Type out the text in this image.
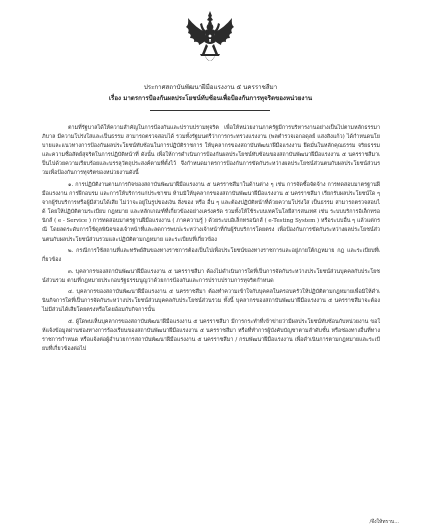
ประกาศสถาบันพัฒนาฝีมือแรงงาน ๕ นครราชสีมา
เรื่อง มาตรการป้องกันผลประโยชน์ทับซ้อนเพื่อป้องกันการทุจริตของหน่วยงาน

ตามที่รัฐบาลได้ให้ความสำคัญในการป้องกันและปราบปรามทุจริต เพื่อให้หน่วยงานภาครัฐมีการบริหารงานอย่างเป็นไปตามหลักธรรมาภิบาล มีความโปร่งใสและเป็นธรรม สามารถตรวจสอบได้ รวมทั้งรัฐมนตรีว่าการกระทรวงแรงงาน (พลตำรวจเอกอดุลย์ แสงสิงแก้ว) ได้กำหนดนโยบายและแนวทางการป้องกันผลประโยชน์ทับซ้อนในการปฏิบัติราชการ ให้บุคลากรของสถาบันพัฒนาฝีมือแรงงาน ยึดมั่นในหลักคุณธรรม จริยธรรม และความซื่อสัตย์สุจริตในการปฏิบัติหน้าที่ ดังนั้น เพื่อให้การดำเนินการป้องกันผลประโยชน์ทับซ้อนของสถาบันพัฒนาฝีมือแรงงาน ๕ นครราชสีมาเป็นไปด้วยความเรียบร้อยและบรรลุวัตถุประสงค์ตามที่ตั้งไว้ จึงกำหนดมาตรการป้องกันการขัดกันระหว่างผลประโยชน์ส่วนตนกับผลประโยชน์ส่วนรวมเพื่อป้องกันการทุจริตของหน่วยงานดังนี้

๑. การปฏิบัติงานตามภารกิจของสถาบันพัฒนาฝีมือแรงงาน ๕ นครราชสีมาในด้านต่าง ๆ เช่น การจัดซื้อจัดจ้าง การทดสอบมาตรฐานฝีมือแรงงาน การฝึกอบรม และการให้บริการแก่ประชาชน ห้ามมิให้บุคลากรของสถาบันพัฒนาฝีมือแรงงาน ๕ นครราชสีมา เรียกรับผลประโยชน์ใด ๆ จากผู้รับบริการหรือผู้มีส่วนได้เสีย ไม่ว่าจะอยู่ในรูปของเงิน สิ่งของ หรือ อื่น ๆ และต้องปฏิบัติหน้าที่ด้วยความโปร่งใส เป็นธรรม สามารถตรวจสอบได้ โดยให้ปฏิบัติตามระเบียบ กฎหมาย และหลักเกณฑ์ที่เกี่ยวข้องอย่างเคร่งครัด รวมทั้งให้ใช้ระบบเทคโนโลยีสารสนเทศ เช่น ระบบบริการอิเล็กทรอนิกส์ ( e - Service ) การทดสอบมาตรฐานฝีมือแรงงาน ( ภาคความรู้ ) ด้วยระบบอิเล็กทรอนิกส์ ( e-Testing System ) หรือระบบอื่น ๆ แล้วแต่กรณี โดยลดระดับการใช้ดุลพินิจของเจ้าหน้าที่และลดการพบปะระหว่างเจ้าหน้าที่กับผู้รับบริการโดยตรง เพื่อป้องกันการขัดกันระหว่างผลประโยชน์ส่วนตนกับผลประโยชน์ส่วนรวมและปฏิบัติตามกฎหมาย และระเบียบที่เกี่ยวข้อง

๒. กรณีการใช้สถานที่และทรัพย์สินของทางราชการต้องเป็นไปเพื่อประโยชน์ของทางราชการและอยู่ภายใต้กฎหมาย กฎ และระเบียบที่เกี่ยวข้อง

๓. บุคลากรของสถาบันพัฒนาฝีมือแรงงาน ๕ นครราชสีมา ต้องไม่ดำเนินการใดที่เป็นการจัดกันระหว่างประโยชน์ส่วนบุคคลกับประโยชน์ส่วนรวม ตามที่กฎหมายประกอบรัฐธรรมนูญว่าด้วยการป้องกันและการปราบปรามการทุจริตกำหนด

๔. บุคลากรของสถาบันพัฒนาฝีมือแรงงาน ๕ นครราชสีมา ต้องทำความเข้าใจกับบุคคลในครอบครัวให้ปฏิบัติตามกฎหมายเพื่อมิให้ดำเนินกิจการใดที่เป็นการจัดกันระหว่างประโยชน์ส่วนบุคคลกับประโยชน์ส่วนรวม ทั้งนี้ บุคลากรของสถาบันพัฒนาฝีมือแรงงาน ๕ นครราชสีมาจะต้องไม่มีส่วนได้เสียโดยตรงหรือโดยอ้อมกับกิจการนั้น

๕. ผู้ใดพบเห็นบุคลากรของสถาบันพัฒนาฝีมือแรงงาน ๕ นครราชสีมา มีการกระทำที่เข้าข่ายว่ามีผลประโยชน์ทับซ้อนกับหน่วยงาน ขอให้แจ้งข้อมูลผ่านช่องทางการร้องเรียนของสถาบันพัฒนาฝีมือแรงงาน ๕ นครราชสีมา หรือที่ทำการผู้บังคับบัญชาตามลำดับชั้น หรือช่องทางอื่นที่ทางราชการกำหนด หรือแจ้งต่อผู้อำนวยการสถาบันพัฒนาฝีมือแรงงาน ๕ นครราชสีมา / กรมพัฒนาฝีมือแรงงาน เพื่อดำเนินการตามกฎหมายและระเบียบที่เกี่ยวข้องต่อไป

/จึงให้ทราบ...
